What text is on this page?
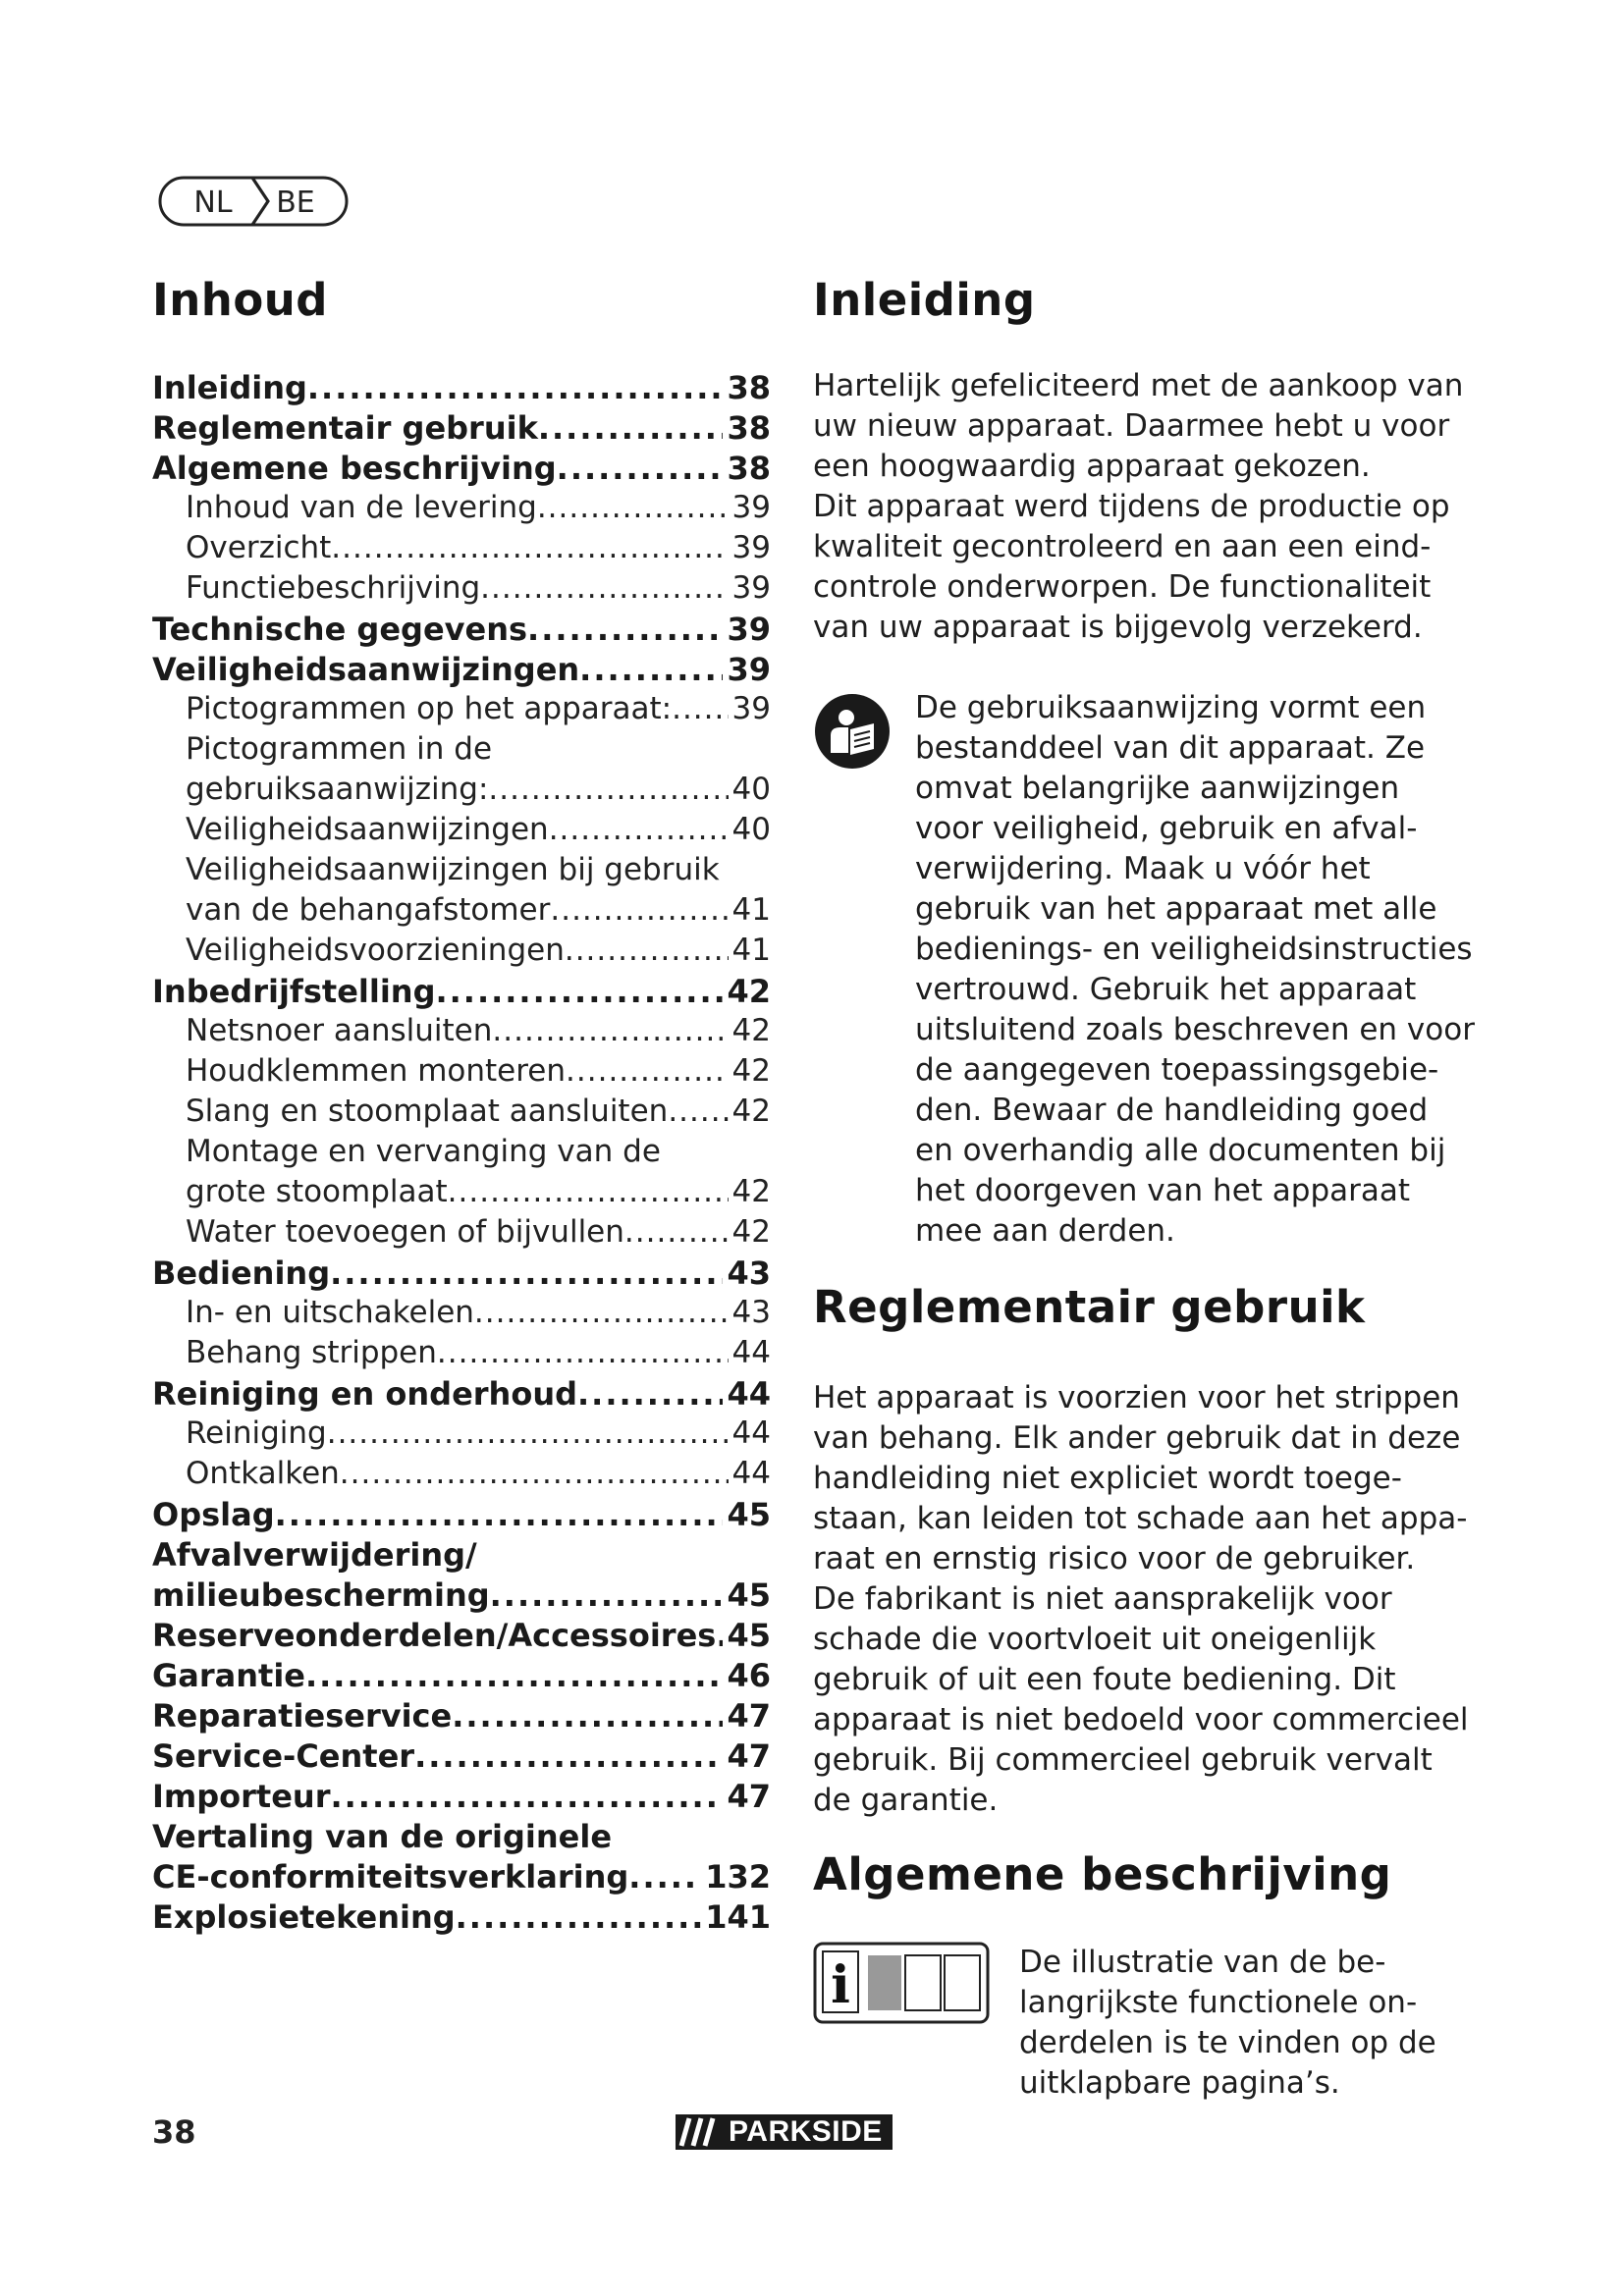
NL BE
Inhoud
Inleiding .....	38
Reglementair gebruik .....	38
Algemene beschrijving .....	38
Inhoud van de levering .....	39
Overzicht .....	39
Functiebeschrijving .....	39
Technische gegevens .....	39
Veiligheidsaanwijzingen .....	39
Pictogrammen op het apparaat: ..... 39
Pictogrammen in de
gebruiksaanwijzing: .....	40
Veiligheidsaanwijzingen .....	40
Veiligheidsaanwijzingen bij gebruik
van de behangafstomer .....	41
Veiligheidsvoorzieningen .....	41
Inbedrijfstelling .....	42
Netsnoer aansluiten .....	42
Houdklemmen monteren .....	42
Slang en stoomplaat aansluiten ..... 42
Montage en vervanging van de
grote stoomplaat .....	42
Water toevoegen of bijvullen .....	42
Bediening .....	43
In- en uitschakelen .....	43
Behang strippen .....	44
Reiniging en onderhoud .....	44
Reiniging .....	44
Ontkalken .....	44
Opslag .....	45
Afvalverwijdering/
milieubescherming .....	45
Reserveonderdelen/Accessoires ..... 45
Garantie .....	46
Reparatieservice .....	47
Service-Center .....	47
Importeur .....	47
Vertaling van de originele
CE-conformiteitsverklaring ..... 132
Explosietekening .....	141
Inleiding

Hartelijk gefeliciteerd met de aankoop van

uw nieuw apparaat. Daarmee hebt u voor

een hoogwaardig apparaat gekozen.

Dit apparaat werd tijdens de productie op

kwaliteit gecontroleerd en aan een eind-

controle onderworpen. De functionaliteit

van uw apparaat is bijgevolg verzekerd.

De gebruiksaanwijzing vormt een

bestanddeel van dit apparaat. Ze

omvat belangrijke aanwijzingen

voor veiligheid, gebruik en afval-

verwijdering. Maak u vóór het

gebruik van het apparaat met alle

bedienings- en veiligheidsinstructies

vertrouwd. Gebruik het apparaat

uitsluitend zoals beschreven en voor

de aangegeven toepassingsgebie-

den. Bewaar de handleiding goed

en overhandig alle documenten bij

het doorgeven van het apparaat

mee aan derden.

Reglementair gebruik

Het apparaat is voorzien voor het strippen

van behang. Elk ander gebruik dat in deze

handleiding niet expliciet wordt toege-

staan, kan leiden tot schade aan het appa-

raat en ernstig risico voor de gebruiker.

De fabrikant is niet aansprakelijk voor

schade die voortvloeit uit oneigenlijk

gebruik of uit een foute bediening. Dit

apparaat is niet bedoeld voor commercieel

gebruik. Bij commercieel gebruik vervalt

de garantie.

Algemene beschrijving
i	De illustratie van de be-

langrijkste functionele on-

derdelen is te vinden op de

uitklapbare pagina’s.

38	PARKSIDE
